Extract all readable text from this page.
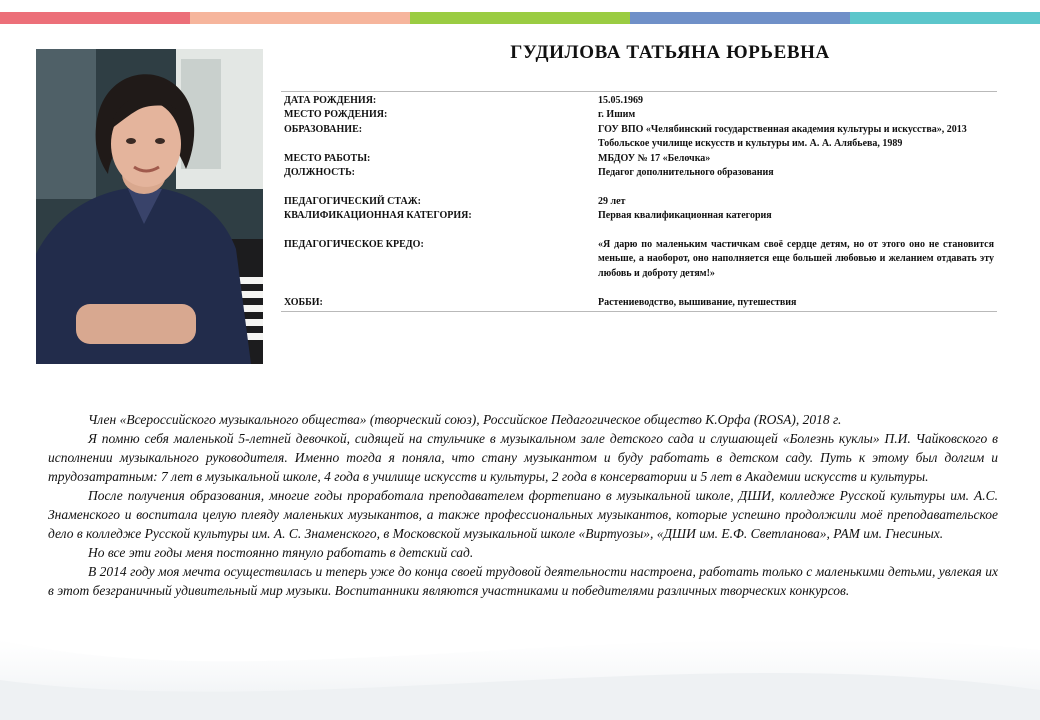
ГУДИЛОВА ТАТЬЯНА ЮРЬЕВНА
ДАТА РОЖДЕНИЯ:	15.05.1969
МЕСТО РОЖДЕНИЯ:	г. Ишим
ОБРАЗОВАНИЕ:	ГОУ ВПО «Челябинский государственная академия культуры и искусства», 2013
Тобольское училище искусств и культуры им. А. А. Алябьева, 1989
МЕСТО РАБОТЫ:	МБДОУ № 17 «Белочка»
ДОЛЖНОСТЬ:	Педагог дополнительного образования
ПЕДАГОГИЧЕСКИЙ СТАЖ:	29 лет
КВАЛИФИКАЦИОННАЯ КАТЕГОРИЯ:	Первая квалификационная категория
ПЕДАГОГИЧЕСКОЕ КРЕДО:	«Я дарю по маленьким частичкам своё сердце детям, но от этого оно не становится меньше, а наоборот, оно наполняется еще большей любовью и желанием отдавать эту любовь и доброту детям!»
ХОББИ:	Растениеводство, вышивание, путешествия

Член «Всероссийского музыкального общества» (творческий союз), Российское Педагогическое общество К.Орфа (ROSA), 2018 г.

Я помню себя маленькой 5-летней девочкой, сидящей на стульчике в музыкальном зале детского сада и слушающей «Болезнь куклы» П.И. Чайковского в исполнении музыкального руководителя. Именно тогда я поняла, что стану музыкантом и буду работать в детском саду. Путь к этому был долгим и трудозатратным: 7 лет в музыкальной школе, 4 года в училище искусств и культуры, 2 года в консерватории и 5 лет в Академии искусств и культуры.

После получения образования, многие годы проработала преподавателем фортепиано в музыкальной школе, ДШИ, колледже Русской культуры им. А.С. Знаменского и воспитала целую плеяду маленьких музыкантов, а также профессиональных музыкантов, которые успешно продолжили моё преподавательское дело в колледже Русской культуры им. А. С. Знаменского, в Московской музыкальной школе «Виртуозы», «ДШИ им. Е.Ф. Светланова», РАМ им. Гнесиных.

Но все эти годы меня постоянно тянуло работать в детский сад.

В 2014 году моя мечта осуществилась и теперь уже до конца своей трудовой деятельности настроена, работать только с маленькими детьми, увлекая их в этот безграничный удивительный мир музыки. Воспитанники являются участниками и победителями различных творческих конкурсов.
